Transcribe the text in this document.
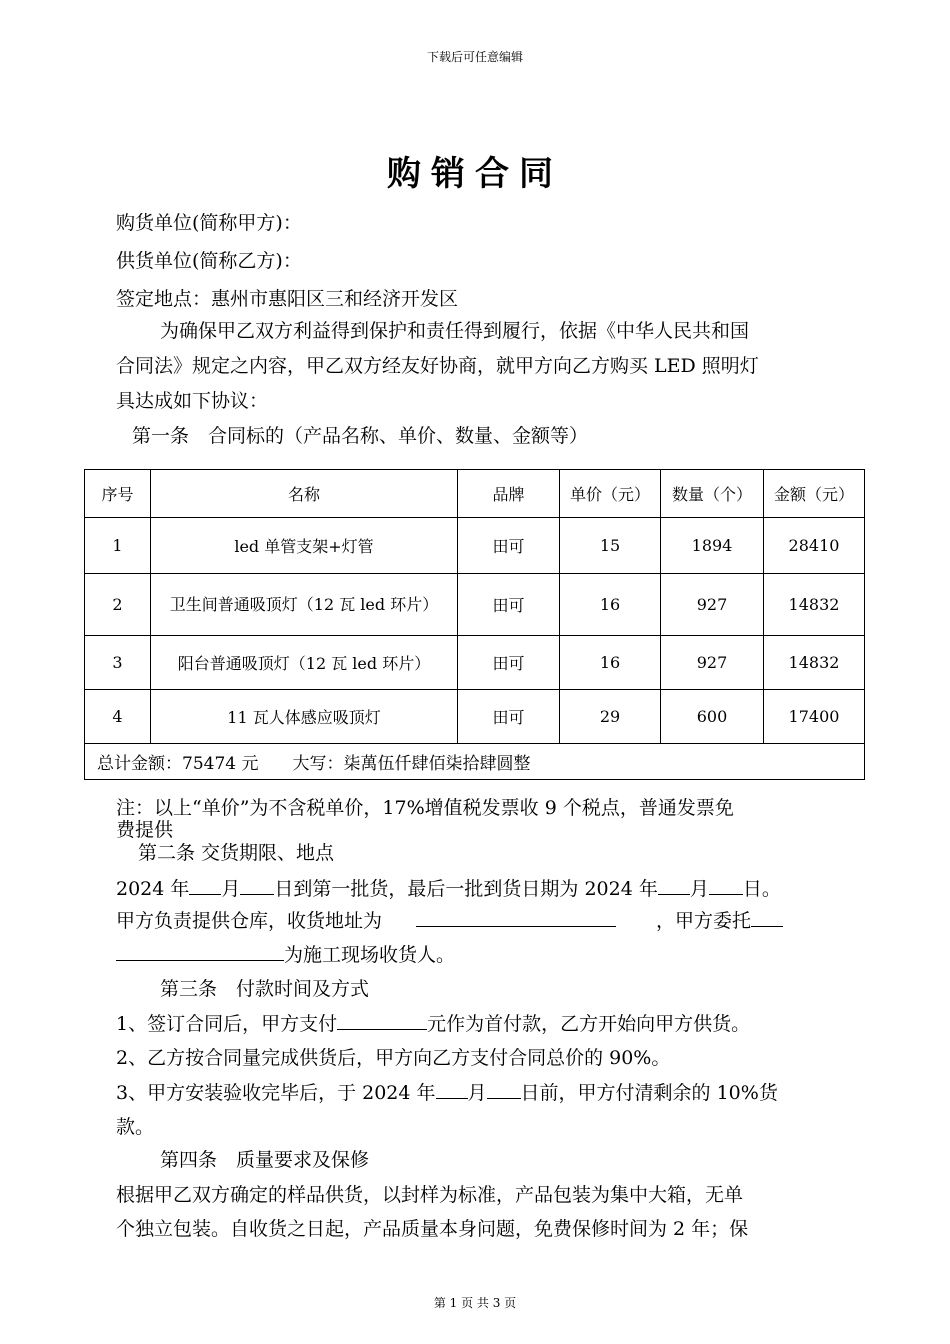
下载后可任意编辑
购销合同
购货单位(简称甲方)：
供货单位(简称乙方)：
签定地点：惠州市惠阳区三和经济开发区
为确保甲乙双方利益得到保护和责任得到履行，依据《中华人民共和国
合同法》规定之内容，甲乙双方经友好协商，就甲方向乙方购买 LED 照明灯
具达成如下协议：
第一条　合同标的（产品名称、单价、数量、金额等）
序号	名称	品牌	单价（元）	数量（个）	金额（元）
1	led 单管支架+灯管	田可	15	1894	28410
2	卫生间普通吸顶灯（12 瓦 led 环片）	田可	16	927	14832
3	阳台普通吸顶灯（12 瓦 led 环片）	田可	16	927	14832
4	11 瓦人体感应吸顶灯	田可	29	600	17400
总计金额：75474 元　　大写：柒萬伍仟肆佰柒拾肆圆整					
注：以上“单价”为不含税单价，17%增值税发票收 9 个税点，普通发票免
费提供
第二条 交货期限、地点
2024 年 月 日到第一批货，最后一批到货日期为 2024 年 月 日。
甲方负责提供仓库，收货地址为	，甲方委托
为施工现场收货人。
第三条　付款时间及方式
1、签订合同后，甲方支付	元作为首付款，乙方开始向甲方供货。
2、乙方按合同量完成供货后，甲方向乙方支付合同总价的 90%。
3、甲方安装验收完毕后，于 2024 年 月 日前，甲方付清剩余的 10%货
款。
第四条　质量要求及保修
根据甲乙双方确定的样品供货，以封样为标准，产品包装为集中大箱，无单
个独立包装。自收货之日起，产品质量本身问题，免费保修时间为 2 年；保
第 1 页 共 3 页
